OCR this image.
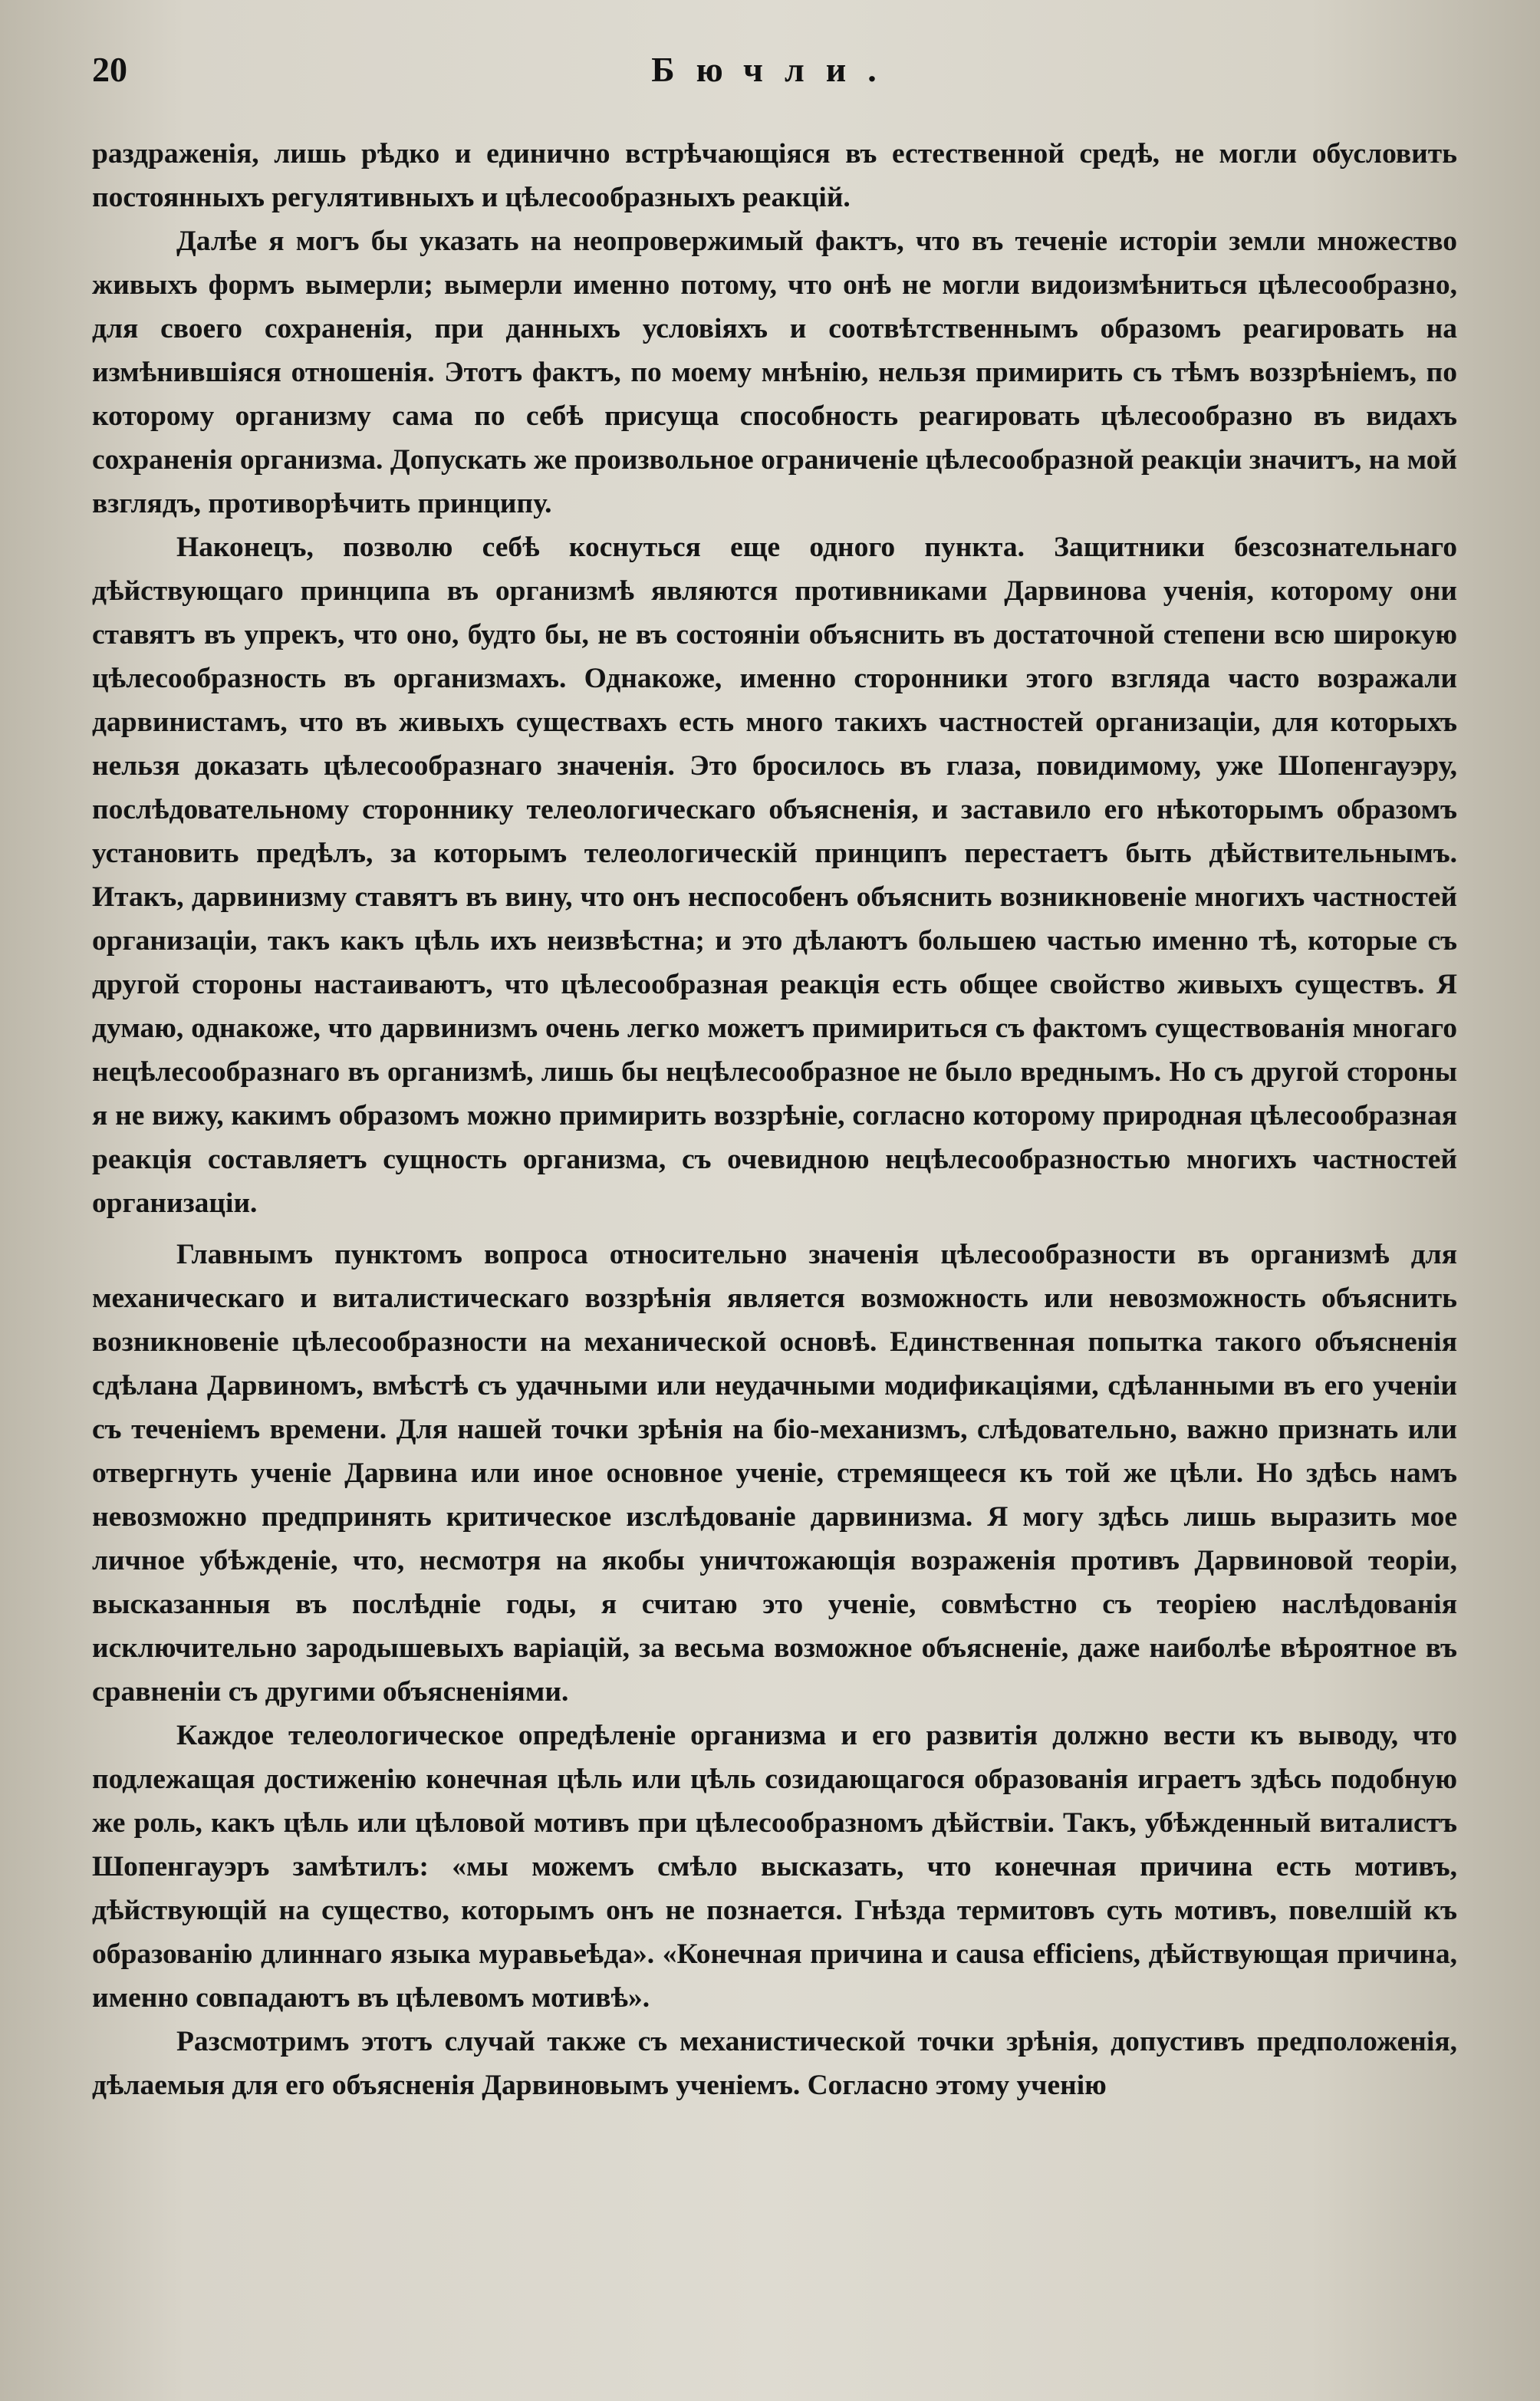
20	Бючли.

раздраженія, лишь рѣдко и единично встрѣчающіяся въ естественной средѣ, не могли обусловить постоянныхъ регулятивныхъ и цѣлесообразныхъ реакцій.

Далѣе я могъ бы указать на неопровержимый фактъ, что въ теченіе исторіи земли множество живыхъ формъ вымерли; вымерли именно потому, что онѣ не могли видоизмѣниться цѣлесообразно, для своего сохраненія, при данныхъ условіяхъ и соотвѣтственнымъ образомъ реагировать на измѣнившіяся отношенія. Этотъ фактъ, по моему мнѣнію, нельзя примирить съ тѣмъ воззрѣніемъ, по которому организму сама по себѣ присуща способность реагировать цѣлесообразно въ видахъ сохраненія организма. Допускать же произвольное ограниченіе цѣлесообразной реакціи значитъ, на мой взглядъ, противорѣчить принципу.

Наконецъ, позволю себѣ коснуться еще одного пункта. Защитники безсознательнаго дѣйствующаго принципа въ организмѣ являются противниками Дарвинова ученія, которому они ставятъ въ упрекъ, что оно, будто бы, не въ состояніи объяснить въ достаточной степени всю широкую цѣлесообразность въ организмахъ. Однакоже, именно сторонники этого взгляда часто возражали дарвинистамъ, что въ живыхъ существахъ есть много такихъ частностей организаціи, для которыхъ нельзя доказать цѣлесообразнаго значенія. Это бросилось въ глаза, повидимому, уже Шопенгауэру, послѣдовательному стороннику телеологическаго объясненія, и заставило его нѣкоторымъ образомъ установить предѣлъ, за которымъ телеологическій принципъ перестаетъ быть дѣйствительнымъ. Итакъ, дарвинизму ставятъ въ вину, что онъ неспособенъ объяснить возникновеніе многихъ частностей организаціи, такъ какъ цѣль ихъ неизвѣстна; и это дѣлаютъ большею частью именно тѣ, которые съ другой стороны настаиваютъ, что цѣлесообразная реакція есть общее свойство живыхъ существъ. Я думаю, однакоже, что дарвинизмъ очень легко можетъ примириться съ фактомъ существованія многаго нецѣлесообразнаго въ организмѣ, лишь бы нецѣлесообразное не было вреднымъ. Но съ другой стороны я не вижу, какимъ образомъ можно примирить воззрѣніе, согласно которому природная цѣлесообразная реакція составляетъ сущность организма, съ очевидною нецѣлесообразностью многихъ частностей организаціи.

Главнымъ пунктомъ вопроса относительно значенія цѣлесообразности въ организмѣ для механическаго и виталистическаго воззрѣнія является возможность или невозможность объяснить возникновеніе цѣлесообразности на механической основѣ. Единственная попытка такого объясненія сдѣлана Дарвиномъ, вмѣстѣ съ удачными или неудачными модификаціями, сдѣланными въ его ученіи съ теченіемъ времени. Для нашей точки зрѣнія на біо-механизмъ, слѣдовательно, важно признать или отвергнуть ученіе Дарвина или иное основное ученіе, стремящееся къ той же цѣли. Но здѣсь намъ невозможно предпринять критическое изслѣдованіе дарвинизма. Я могу здѣсь лишь выразить мое личное убѣжденіе, что, несмотря на якобы уничтожающія возраженія противъ Дарвиновой теоріи, высказанныя въ послѣдніе годы, я считаю это ученіе, совмѣстно съ теоріею наслѣдованія исключительно зародышевыхъ варіацій, за весьма возможное объясненіе, даже наиболѣе вѣроятное въ сравненіи съ другими объясненіями.

Каждое телеологическое опредѣленіе организма и его развитія должно вести къ выводу, что подлежащая достиженію конечная цѣль или цѣль созидающагося образованія играетъ здѣсь подобную же роль, какъ цѣль или цѣловой мотивъ при цѣлесообразномъ дѣйствіи. Такъ, убѣжденный виталистъ Шопенгауэръ замѣтилъ: «мы можемъ смѣло высказать, что конечная причина есть мотивъ, дѣйствующій на существо, которымъ онъ не познается. Гнѣзда термитовъ суть мотивъ, повелшій къ образованію длиннаго языка муравьеѣда». «Конечная причина и causa efficiens, дѣйствующая причина, именно совпадаютъ въ цѣлевомъ мотивѣ».

Разсмотримъ этотъ случай также съ механистической точки зрѣнія, допустивъ предположенія, дѣлаемыя для его объясненія Дарвиновымъ ученіемъ. Согласно этому ученію
